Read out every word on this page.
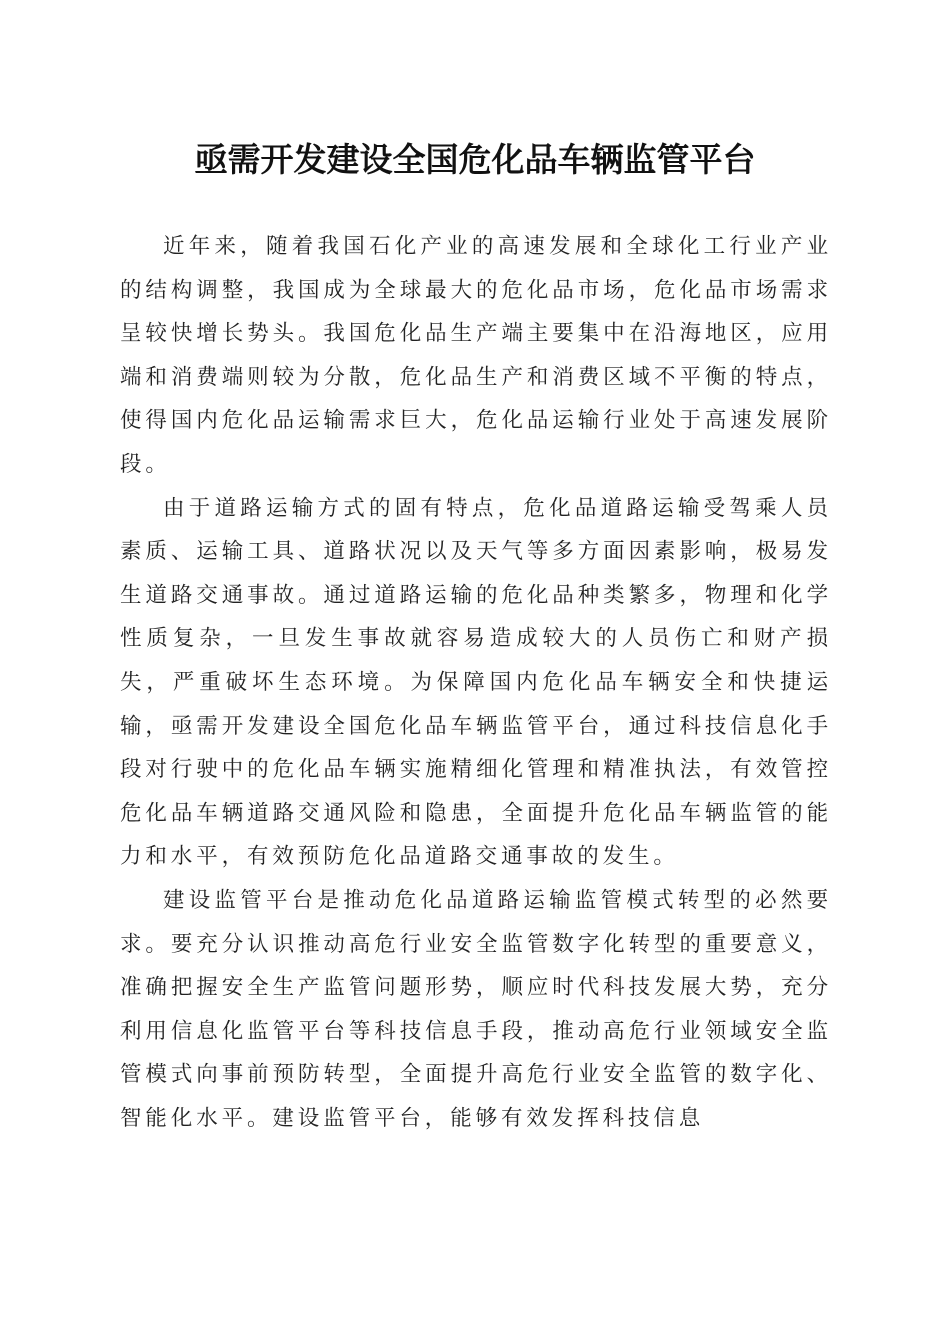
亟需开发建设全国危化品车辆监管平台

近年来，随着我国石化产业的高速发展和全球化工行业产业的结构调整，我国成为全球最大的危化品市场，危化品市场需求呈较快增长势头。我国危化品生产端主要集中在沿海地区，应用端和消费端则较为分散，危化品生产和消费区域不平衡的特点，使得国内危化品运输需求巨大，危化品运输行业处于高速发展阶段。

由于道路运输方式的固有特点，危化品道路运输受驾乘人员素质、运输工具、道路状况以及天气等多方面因素影响，极易发生道路交通事故。通过道路运输的危化品种类繁多，物理和化学性质复杂，一旦发生事故就容易造成较大的人员伤亡和财产损失，严重破坏生态环境。为保障国内危化品车辆安全和快捷运输，亟需开发建设全国危化品车辆监管平台，通过科技信息化手段对行驶中的危化品车辆实施精细化管理和精准执法，有效管控危化品车辆道路交通风险和隐患，全面提升危化品车辆监管的能力和水平，有效预防危化品道路交通事故的发生。

建设监管平台是推动危化品道路运输监管模式转型的必然要求。要充分认识推动高危行业安全监管数字化转型的重要意义，准确把握安全生产监管问题形势，顺应时代科技发展大势，充分利用信息化监管平台等科技信息手段，推动高危行业领域安全监管模式向事前预防转型，全面提升高危行业安全监管的数字化、智能化水平。建设监管平台，能够有效发挥科技信息
